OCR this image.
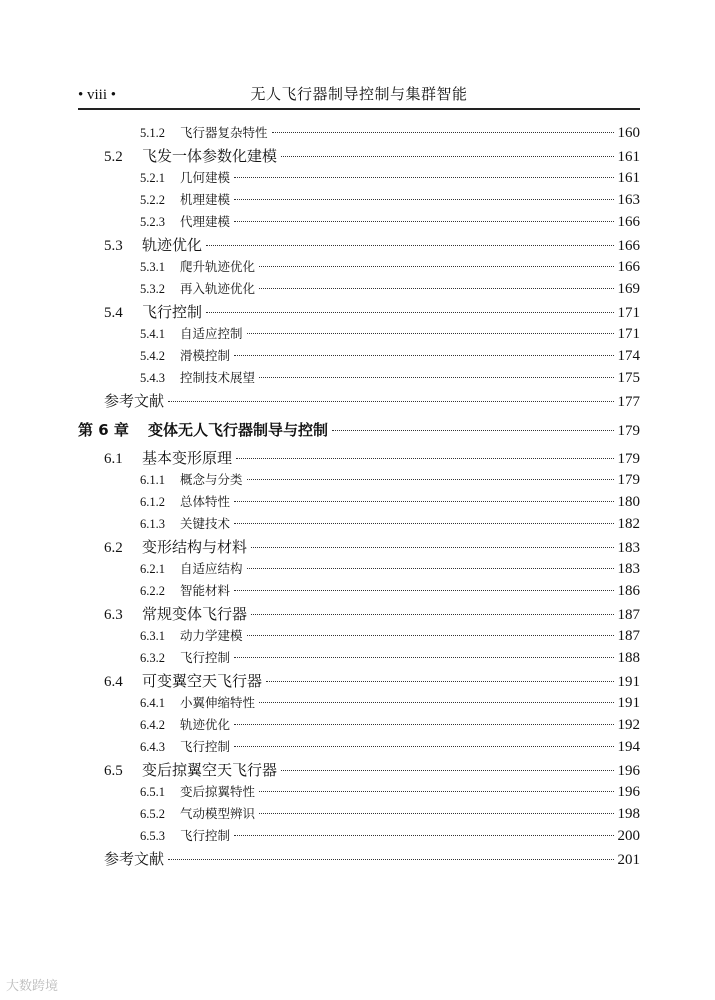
• viii •	无人飞行器制导控制与集群智能
5.1.2	飞行器复杂特性	160
5.2	飞发一体参数化建模	161
5.2.1	几何建模	161
5.2.2	机理建模	163
5.2.3	代理建模	166
5.3	轨迹优化	166
5.3.1	爬升轨迹优化	166
5.3.2	再入轨迹优化	169
5.4	飞行控制	171
5.4.1	自适应控制	171
5.4.2	滑模控制	174
5.4.3	控制技术展望	175
参考文献	177
第 6 章	变体无人飞行器制导与控制	179
6.1	基本变形原理	179
6.1.1	概念与分类	179
6.1.2	总体特性	180
6.1.3	关键技术	182
6.2	变形结构与材料	183
6.2.1	自适应结构	183
6.2.2	智能材料	186
6.3	常规变体飞行器	187
6.3.1	动力学建模	187
6.3.2	飞行控制	188
6.4	可变翼空天飞行器	191
6.4.1	小翼伸缩特性	191
6.4.2	轨迹优化	192
6.4.3	飞行控制	194
6.5	变后掠翼空天飞行器	196
6.5.1	变后掠翼特性	196
6.5.2	气动模型辨识	198
6.5.3	飞行控制	200
参考文献	201
大数跨境
